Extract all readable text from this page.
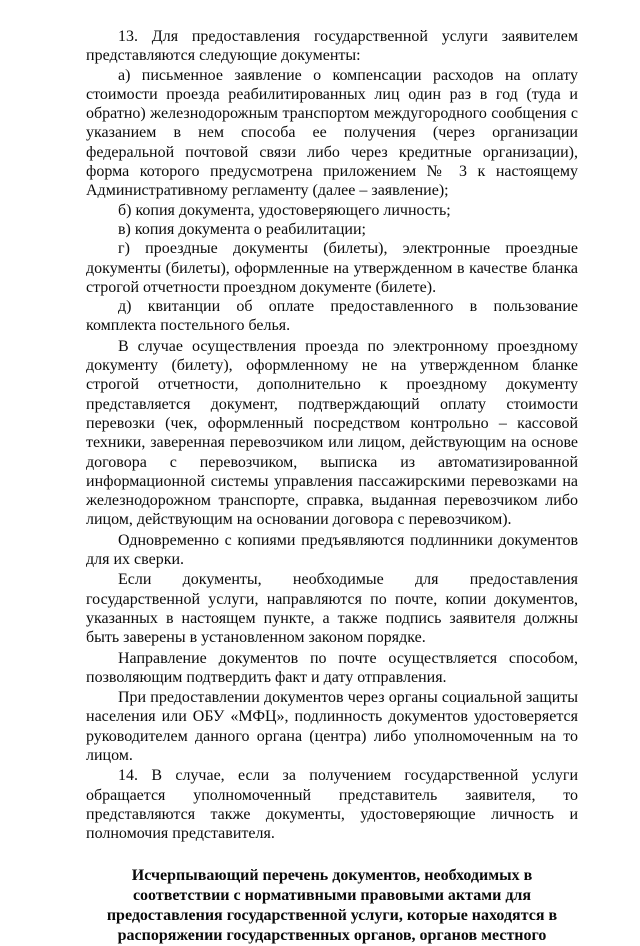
13. Для предоставления государственной услуги заявителем представляются следующие документы:

а) письменное заявление о компенсации расходов на оплату стоимости проезда реабилитированных лиц один раз в год (туда и обратно) железнодорожным транспортом междугородного сообщения с указанием в нем способа ее получения (через организации федеральной почтовой связи либо через кредитные организации), форма которого предусмотрена приложением № 3 к настоящему Административному регламенту (далее – заявление);

б) копия документа, удостоверяющего личность;

в) копия документа о реабилитации;

г) проездные документы (билеты), электронные проездные документы (билеты), оформленные на утвержденном в качестве бланка строгой отчетности проездном документе (билете).

д) квитанции об оплате предоставленного в пользование комплекта постельного белья.

В случае осуществления проезда по электронному проездному документу (билету), оформленному не на утвержденном бланке строгой отчетности, дополнительно к проездному документу представляется документ, подтверждающий оплату стоимости перевозки (чек, оформленный посредством контрольно – кассовой техники, заверенная перевозчиком или лицом, действующим на основе договора с перевозчиком, выписка из автоматизированной информационной системы управления пассажирскими перевозками на железнодорожном транспорте, справка, выданная перевозчиком либо лицом, действующим на основании договора с перевозчиком).

Одновременно с копиями предъявляются подлинники документов для их сверки.

Если документы, необходимые для предоставления государственной услуги, направляются по почте, копии документов, указанных в настоящем пункте, а также подпись заявителя должны быть заверены в установленном законом порядке.

Направление документов по почте осуществляется способом, позволяющим подтвердить факт и дату отправления.

При предоставлении документов через органы социальной защиты населения или ОБУ «МФЦ», подлинность документов удостоверяется руководителем данного органа (центра) либо уполномоченным на то лицом.

14. В случае, если за получением государственной услуги обращается уполномоченный представитель заявителя, то представляются также документы, удостоверяющие личность и полномочия представителя.

Исчерпывающий перечень документов, необходимых в
соответствии с нормативными правовыми актами для
предоставления государственной услуги, которые находятся в
распоряжении государственных органов, органов местного
